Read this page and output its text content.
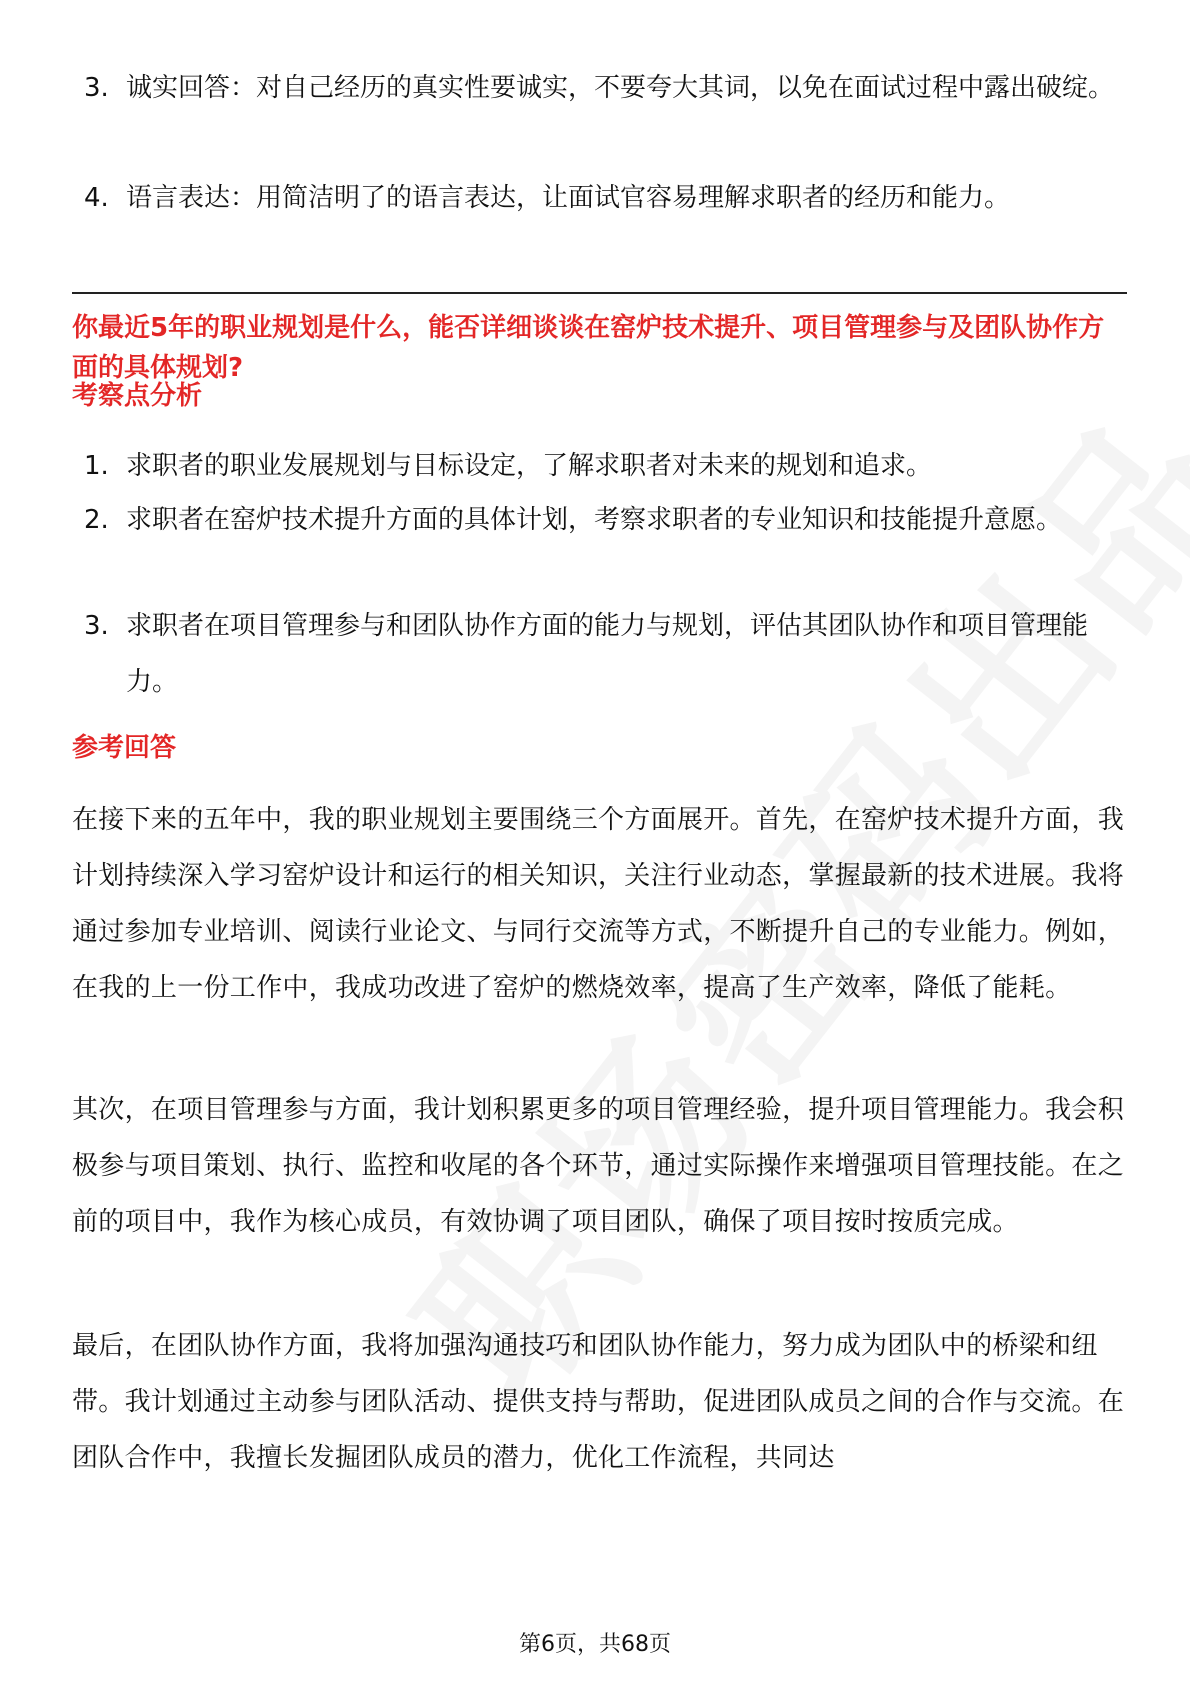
3. 诚实回答：对自己经历的真实性要诚实，不要夸大其词，以免在面试过程中露出破绽。
4. 语言表达：用简洁明了的语言表达，让面试官容易理解求职者的经历和能力。
你最近5年的职业规划是什么，能否详细谈谈在窑炉技术提升、项目管理参与及团队协作方面的具体规划?
考察点分析
1. 求职者的职业发展规划与目标设定，了解求职者对未来的规划和追求。
2. 求职者在窑炉技术提升方面的具体计划，考察求职者的专业知识和技能提升意愿。
3. 求职者在项目管理参与和团队协作方面的能力与规划，评估其团队协作和项目管理能力。
参考回答
在接下来的五年中，我的职业规划主要围绕三个方面展开。首先，在窑炉技术提升方面，我计划持续深入学习窑炉设计和运行的相关知识，关注行业动态，掌握最新的技术进展。我将通过参加专业培训、阅读行业论文、与同行交流等方式，不断提升自己的专业能力。例如，在我的上一份工作中，我成功改进了窑炉的燃烧效率，提高了生产效率，降低了能耗。
其次，在项目管理参与方面，我计划积累更多的项目管理经验，提升项目管理能力。我会积极参与项目策划、执行、监控和收尾的各个环节，通过实际操作来增强项目管理技能。在之前的项目中，我作为核心成员，有效协调了项目团队，确保了项目按时按质完成。
最后，在团队协作方面，我将加强沟通技巧和团队协作能力，努力成为团队中的桥梁和纽带。我计划通过主动参与团队活动、提供支持与帮助，促进团队成员之间的合作与交流。在团队合作中，我擅长发掘团队成员的潜力，优化工作流程，共同达
第6页，共68页
